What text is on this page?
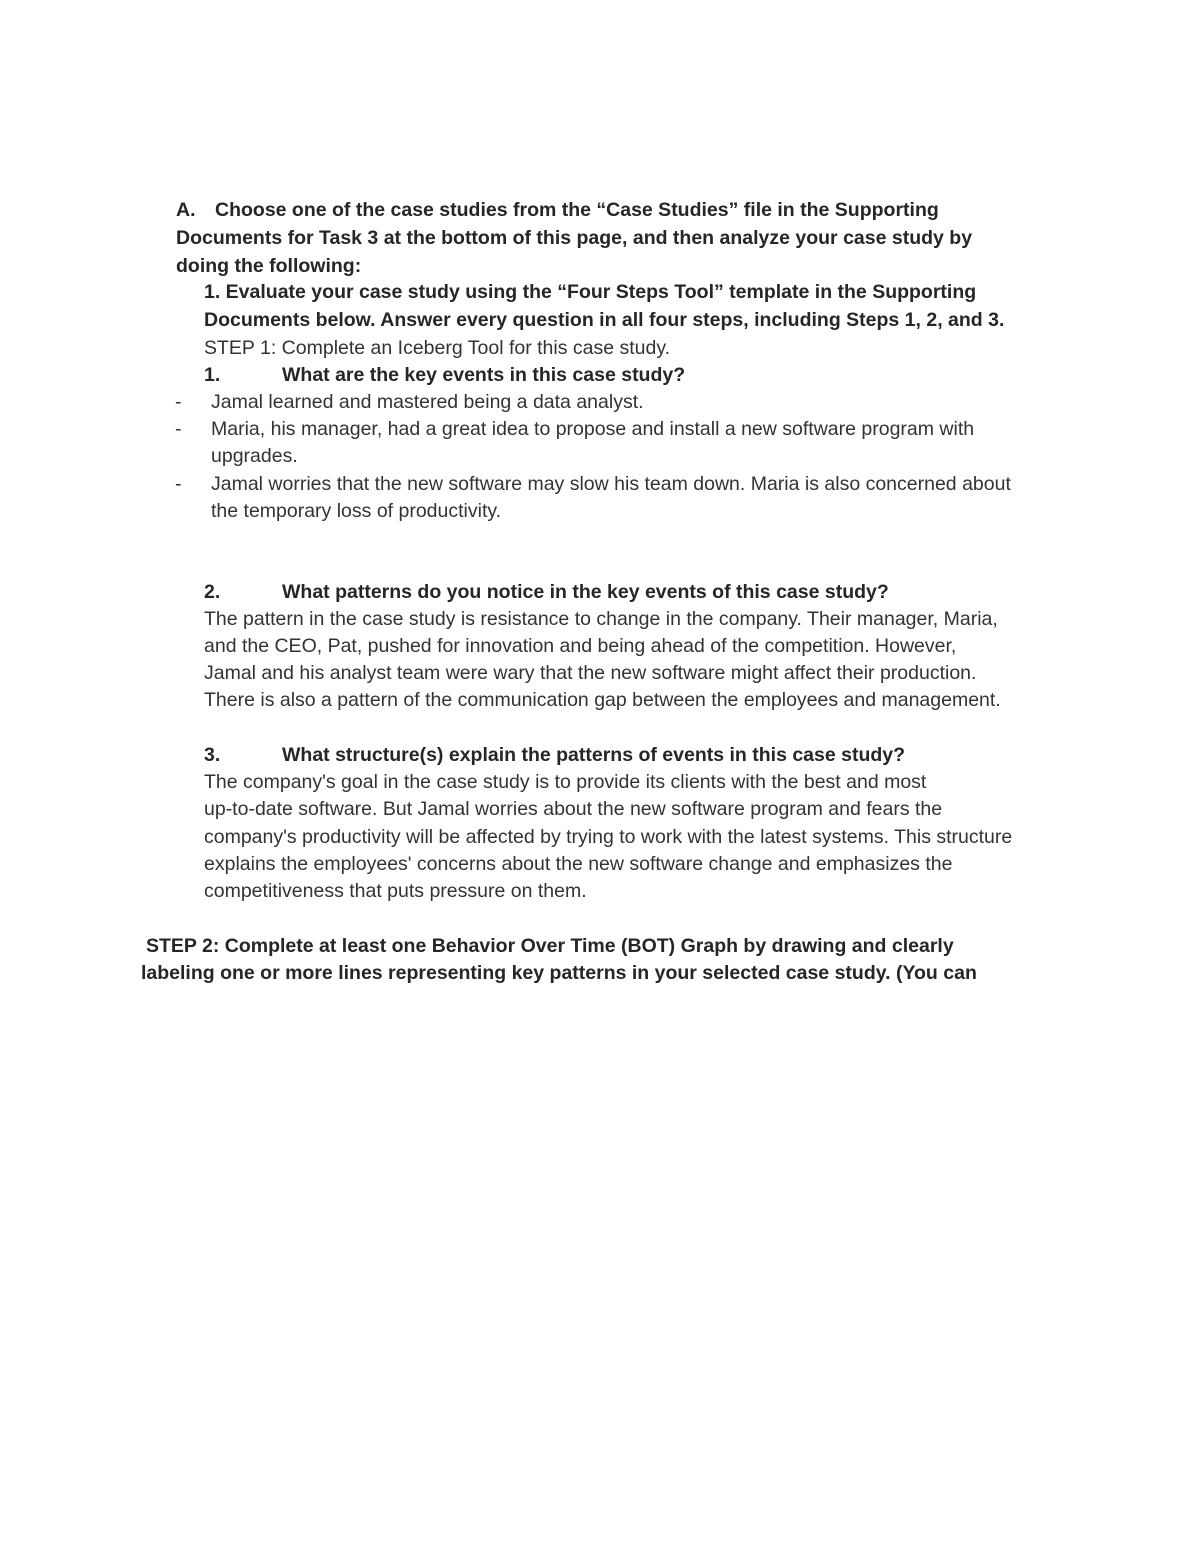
A. Choose one of the case studies from the “Case Studies” file in the Supporting
Documents for Task 3 at the bottom of this page, and then analyze your case study by
doing the following:
1. Evaluate your case study using the “Four Steps Tool” template in the Supporting
Documents below. Answer every question in all four steps, including Steps 1, 2, and 3.
STEP 1: Complete an Iceberg Tool for this case study.
1.	What are the key events in this case study?
- Jamal learned and mastered being a data analyst.
- Maria, his manager, had a great idea to propose and install a new software program with
upgrades.
- Jamal worries that the new software may slow his team down. Maria is also concerned about
the temporary loss of productivity.
2.	What patterns do you notice in the key events of this case study?
The pattern in the case study is resistance to change in the company. Their manager, Maria,
and the CEO, Pat, pushed for innovation and being ahead of the competition. However,
Jamal and his analyst team were wary that the new software might affect their production.
There is also a pattern of the communication gap between the employees and management.
3.	What structure(s) explain the patterns of events in this case study?
The company's goal in the case study is to provide its clients with the best and most
up-to-date software. But Jamal worries about the new software program and fears the
company's productivity will be affected by trying to work with the latest systems. This structure
explains the employees' concerns about the new software change and emphasizes the
competitiveness that puts pressure on them.
STEP 2: Complete at least one Behavior Over Time (BOT) Graph by drawing and clearly
labeling one or more lines representing key patterns in your selected case study. (You can
